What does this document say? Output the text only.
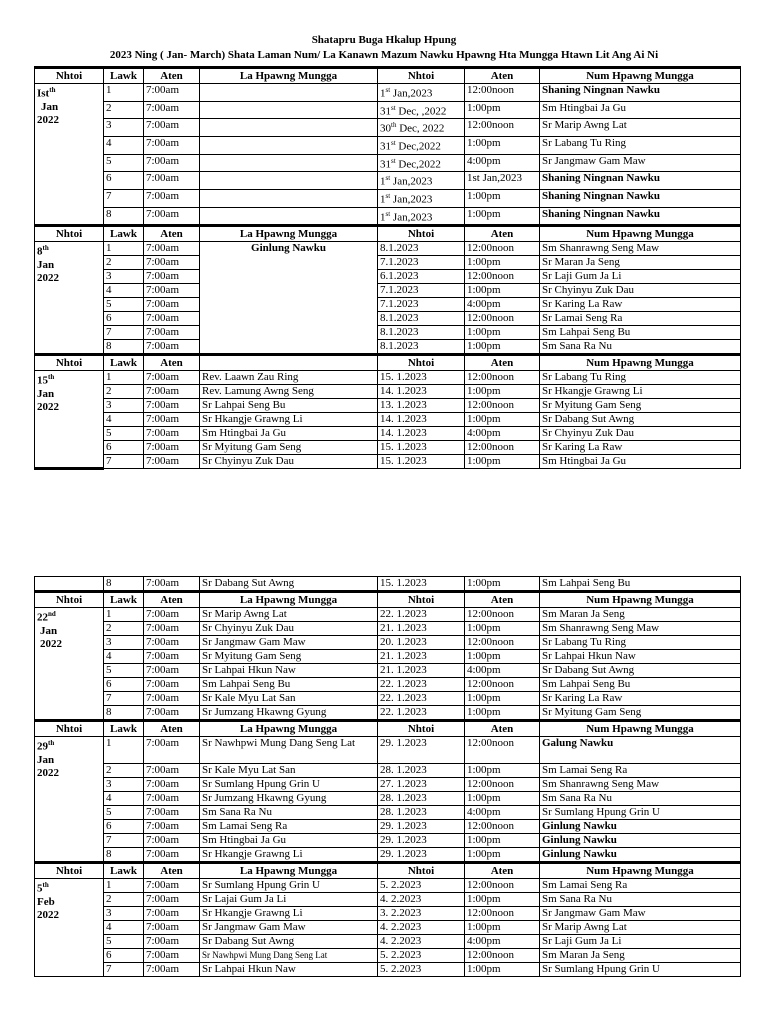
Shatapru Buga Hkalup Hpung
2023 Ning ( Jan- March) Shata Laman Num/ La Kanawn Mazum Nawku Hpawng Hta Mungga Htawn Lit Ang Ai Ni
Nhtoi	Lawk	Aten	La Hpawng Mungga	Nhtoi	Aten	Num Hpawng Mungga

Ist$^{th}$
Jan
2022	1	7:00am		1st Jan,2023	12:00noon	Shaning Ningnan Nawku
	2	7:00am		31st Dec, ,2022	1:00pm	Sm Htingbai Ja Gu
	3	7:00am		30th Dec, 2022	12:00noon	Sr Marip Awng Lat
	4	7:00am		31st Dec,2022	1:00pm	Sr Labang Tu Ring
	5	7:00am		31st Dec,2022	4:00pm	Sr Jangmaw Gam Maw
	6	7:00am		1st Jan,2023	1st Jan,2023	Shaning Ningnan Nawku
	7	7:00am		1st Jan,2023	1:00pm	Shaning Ningnan Nawku
	8	7:00am		1st Jan,2023	1:00pm	Shaning Ningnan Nawku
Nhtoi	Lawk	Aten	La Hpawng Mungga	Nhtoi	Aten	Num Hpawng Mungga

8th
Jan
2022	1	7:00am	Ginlung Nawku	8.1.2023	12:00noon	Sm Shanrawng Seng Maw
	2	7:00am		7.1.2023	1:00pm	Sr Maran Ja Seng
	3	7:00am		6.1.2023	12:00noon	Sr Laji Gum Ja Li
	4	7:00am		7.1.2023	1:00pm	Sr Chyinyu Zuk Dau
	5	7:00am		7.1.2023	4:00pm	Sr Karing La Raw
	6	7:00am		8.1.2023	12:00noon	Sr Lamai Seng Ra
	7	7:00am		8.1.2023	1:00pm	Sm Lahpai Seng Bu
	8	7:00am		8.1.2023	1:00pm	Sm Sana Ra Nu
Nhtoi	Lawk	Aten		Nhtoi	Aten	Num Hpawng Mungga

15th
Jan
2022	1	7:00am	Rev. Laawn Zau Ring	15. 1.2023	12:00noon	Sr Labang Tu Ring
	2	7:00am	Rev. Lamung Awng Seng	14. 1.2023	1:00pm	Sr Hkangje Grawng Li
	3	7:00am	Sr Lahpai Seng Bu	13. 1.2023	12:00noon	Sr Myitung Gam Seng
	4	7:00am	Sr Hkangje Grawng Li	14. 1.2023	1:00pm	Sr Dabang Sut Awng
	5	7:00am	Sm Htingbai Ja Gu	14. 1.2023	4:00pm	Sr Chyinyu Zuk Dau
	6	7:00am	Sr Myitung Gam Seng	15. 1.2023	12:00noon	Sr Karing La Raw
	7	7:00am	Sr Chyinyu Zuk Dau	15. 1.2023	1:00pm	Sm Htingbai Ja Gu
	8	7:00am	Sr Dabang Sut Awng	15. 1.2023	1:00pm	Sm Lahpai Seng Bu
Nhtoi	Lawk	Aten	La Hpawng Mungga	Nhtoi	Aten	Num Hpawng Mungga

22nd
Jan
2022	1	7:00am	Sr Marip Awng Lat	22. 1.2023	12:00noon	Sm Maran Ja Seng
	2	7:00am	Sr Chyinyu Zuk Dau	21. 1.2023	1:00pm	Sm Shanrawng Seng Maw
	3	7:00am	Sr Jangmaw Gam Maw	20. 1.2023	12:00noon	Sr Labang Tu Ring
	4	7:00am	Sr Myitung Gam Seng	21. 1.2023	1:00pm	Sr Lahpai Hkun Naw
	5	7:00am	Sr Lahpai Hkun Naw	21. 1.2023	4:00pm	Sr Dabang Sut Awng
	6	7:00am	Sm Lahpai Seng Bu	22. 1.2023	12:00noon	Sm Lahpai Seng Bu
	7	7:00am	Sr Kale Myu Lat San	22. 1.2023	1:00pm	Sr Karing La Raw
	8	7:00am	Sr Jumzang Hkawng Gyung	22. 1.2023	1:00pm	Sr Myitung Gam Seng
Nhtoi	Lawk	Aten	La Hpawng Mungga	Nhtoi	Aten	Num Hpawng Mungga

29th
Jan
2022	1	7:00am	Sr Nawhpwi Mung Dang Seng Lat	29. 1.2023	12:00noon	Galung Nawku
	2	7:00am	Sr Kale Myu Lat San	28. 1.2023	1:00pm	Sm Lamai Seng Ra
	3	7:00am	Sr Sumlang Hpung Grin U	27. 1.2023	12:00noon	Sm Shanrawng Seng Maw
	4	7:00am	Sr Jumzang Hkawng Gyung	28. 1.2023	1:00pm	Sm Sana Ra Nu
	5	7:00am	Sm Sana Ra Nu	28. 1.2023	4:00pm	Sr Sumlang Hpung Grin U
	6	7:00am	Sm Lamai Seng Ra	29. 1.2023	12:00noon	Ginlung Nawku
	7	7:00am	Sm Htingbai Ja Gu	29. 1.2023	1:00pm	Ginlung Nawku
	8	7:00am	Sr Hkangje Grawng Li	29. 1.2023	1:00pm	Ginlung Nawku
Nhtoi	Lawk	Aten	La Hpawng Mungga	Nhtoi	Aten	Num Hpawng Mungga

5th
Feb
2022	1	7:00am	Sr Sumlang Hpung Grin U	5. 2.2023	12:00noon	Sm Lamai Seng Ra
	2	7:00am	Sr Lajai Gum Ja Li	4. 2.2023	1:00pm	Sm Sana Ra Nu
	3	7:00am	Sr Hkangje Grawng Li	3. 2.2023	12:00noon	Sr Jangmaw Gam Maw
	4	7:00am	Sr Jangmaw Gam Maw	4. 2.2023	1:00pm	Sr Marip Awng Lat
	5	7:00am	Sr Dabang Sut Awng	4. 2.2023	4:00pm	Sr Laji Gum Ja Li
	6	7:00am	Sr Nawhpwi Mung Dang Seng Lat	5. 2.2023	12:00noon	Sm Maran Ja Seng
	7	7:00am	Sr Lahpai Hkun Naw	5. 2.2023	1:00pm	Sr Sumlang Hpung Grin U
